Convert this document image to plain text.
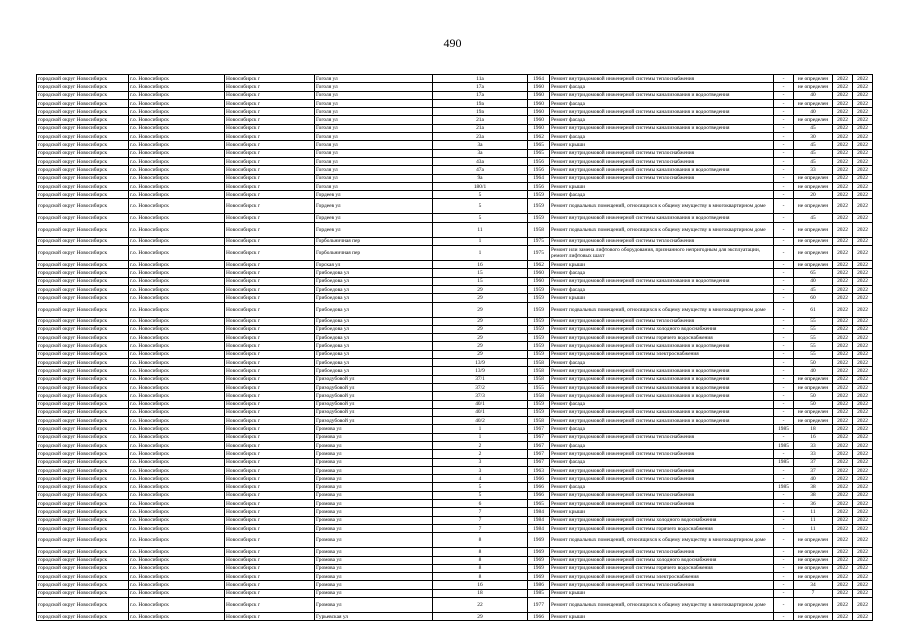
490
городской округ Новосибирск	г.о. Новосибирск	Новосибирск г	Гоголя ул	11а	1964	Ремонт внутридомовой инженерной системы теплоснабжения	-	не определен	2022	2022
городской округ Новосибирск	г.о. Новосибирск	Новосибирск г	Гоголя ул	17а	1960	Ремонт фасада	-	не определен	2022	2022
городской округ Новосибирск	г.о. Новосибирск	Новосибирск г	Гоголя ул	17а	1960	Ремонт внутридомовой инженерной системы канализования и водоотведения	-	40	2022	2022
городской округ Новосибирск	г.о. Новосибирск	Новосибирск г	Гоголя ул	19а	1960	Ремонт фасада	-	не определен	2022	2022
городской округ Новосибирск	г.о. Новосибирск	Новосибирск г	Гоголя ул	19а	1960	Ремонт внутридомовой инженерной системы канализования и водоотведения	-	40	2022	2022
городской округ Новосибирск	г.о. Новосибирск	Новосибирск г	Гоголя ул	21а	1960	Ремонт фасада	-	не определен	2022	2022
городской округ Новосибирск	г.о. Новосибирск	Новосибирск г	Гоголя ул	21а	1960	Ремонт внутридомовой инженерной системы канализования и водоотведения	-	45	2022	2022
городской округ Новосибирск	г.о. Новосибирск	Новосибирск г	Гоголя ул	23а	1962	Ремонт фасада	-	30	2022	2022
городской округ Новосибирск	г.о. Новосибирск	Новосибирск г	Гоголя ул	3а	1965	Ремонт крыши	-	45	2022	2022
городской округ Новосибирск	г.о. Новосибирск	Новосибирск г	Гоголя ул	3а	1965	Ремонт внутридомовой инженерной системы теплоснабжения	-	45	2022	2022
городской округ Новосибирск	г.о. Новосибирск	Новосибирск г	Гоголя ул	43а	1956	Ремонт внутридомовой инженерной системы теплоснабжения	-	45	2022	2022
городской округ Новосибирск	г.о. Новосибирск	Новосибирск г	Гоголя ул	47а	1956	Ремонт внутридомовой инженерной системы канализования и водоотведения	-	33	2022	2022
городской округ Новосибирск	г.о. Новосибирск	Новосибирск г	Гоголя ул	9а	1964	Ремонт внутридомовой инженерной системы теплоснабжения	-	не определен	2022	2022
городской округ Новосибирск	г.о. Новосибирск	Новосибирск г	Гоголя ул	180/1	1956	Ремонт крыши	-	не определен	2022	2022
городской округ Новосибирск	г.о. Новосибирск	Новосибирск г	Гордеев ул	5	1959	Ремонт фасада	-	20	2022	2022
городской округ Новосибирск	г.о. Новосибирск	Новосибирск г	Гордеев ул	5	1959	Ремонт подвальных помещений, относящихся к общему имуществу в многоквартирном доме	-	не определен	2022	2022
городской округ Новосибирск	г.о. Новосибирск	Новосибирск г	Гордеев ул	5	1959	Ремонт внутридомовой инженерной системы канализования и водоотведения	-	45	2022	2022
городской округ Новосибирск	г.о. Новосибирск	Новосибирск г	Гордеев ул	11	1958	Ремонт подвальных помещений, относящихся к общему имуществу в многоквартирном доме	-	не определен	2022	2022
городской округ Новосибирск	г.о. Новосибирск	Новосибирск г	Горбольничная пер	1	1975	Ремонт внутридомовой инженерной системы теплоснабжения	-	не определен	2022	2022
городской округ Новосибирск	г.о. Новосибирск	Новосибирск г	Горбольничная пер	1	1975	Ремонт или замена лифтового оборудования, признанного непригодным для эксплуатации, ремонт лифтовых шахт	-	не определен	2022	2022
городской округ Новосибирск	г.о. Новосибирск	Новосибирск г	Горская ул	16	1962	Ремонт крыши	-	не определен	2022	2022
городской округ Новосибирск	г.о. Новосибирск	Новосибирск г	Грибоедова ул	15	1960	Ремонт фасада	-	65	2022	2022
городской округ Новосибирск	г.о. Новосибирск	Новосибирск г	Грибоедова ул	15	1960	Ремонт внутридомовой инженерной системы канализования и водоотведения	-	40	2022	2022
городской округ Новосибирск	г.о. Новосибирск	Новосибирск г	Грибоедова ул	29	1959	Ремонт фасада	-	45	2022	2022
городской округ Новосибирск	г.о. Новосибирск	Новосибирск г	Грибоедова ул	29	1959	Ремонт крыши	-	60	2022	2022
городской округ Новосибирск	г.о. Новосибирск	Новосибирск г	Грибоедова ул	29	1959	Ремонт подвальных помещений, относящихся к общему имуществу в многоквартирном доме	-	61	2022	2022
городской округ Новосибирск	г.о. Новосибирск	Новосибирск г	Грибоедова ул	29	1959	Ремонт внутридомовой инженерной системы теплоснабжения	-	55	2022	2022
городской округ Новосибирск	г.о. Новосибирск	Новосибирск г	Грибоедова ул	29	1959	Ремонт внутридомовой инженерной системы холодного водоснабжения	-	55	2022	2022
городской округ Новосибирск	г.о. Новосибирск	Новосибирск г	Грибоедова ул	29	1959	Ремонт внутридомовой инженерной системы горячего водоснабжения	-	55	2022	2022
городской округ Новосибирск	г.о. Новосибирск	Новосибирск г	Грибоедова ул	29	1959	Ремонт внутридомовой инженерной системы канализования и водоотведения	-	55	2022	2022
городской округ Новосибирск	г.о. Новосибирск	Новосибирск г	Грибоедова ул	29	1959	Ремонт внутридомовой инженерной системы электроснабжения	-	55	2022	2022
городской округ Новосибирск	г.о. Новосибирск	Новосибирск г	Грибоедова ул	13/9	1958	Ремонт фасада	-	50	2022	2022
городской округ Новосибирск	г.о. Новосибирск	Новосибирск г	Грибоедова ул	13/9	1958	Ремонт внутридомовой инженерной системы канализования и водоотведения	-	40	2022	2022
городской округ Новосибирск	г.о. Новосибирск	Новосибирск г	Гризодубовой ул	37/1	1958	Ремонт внутридомовой инженерной системы канализования и водоотведения	-	не определен	2022	2022
городской округ Новосибирск	г.о. Новосибирск	Новосибирск г	Гризодубовой ул	37/2	1955	Ремонт внутридомовой инженерной системы канализования и водоотведения	-	не определен	2022	2022
городской округ Новосибирск	г.о. Новосибирск	Новосибирск г	Гризодубовой ул	37/3	1958	Ремонт внутридомовой инженерной системы канализования и водоотведения	-	50	2022	2022
городской округ Новосибирск	г.о. Новосибирск	Новосибирск г	Гризодубовой ул	40/1	1959	Ремонт фасада	-	50	2022	2022
городской округ Новосибирск	г.о. Новосибирск	Новосибирск г	Гризодубовой ул	40/1	1959	Ремонт внутридомовой инженерной системы канализования и водоотведения	-	не определен	2022	2022
городской округ Новосибирск	г.о. Новосибирск	Новосибирск г	Гризодубовой ул	40/2	1958	Ремонт внутридомовой инженерной системы канализования и водоотведения	-	не определен	2022	2022
городской округ Новосибирск	г.о. Новосибирск	Новосибирск г	Громова ул	1	1967	Ремонт фасада	1985	18	2022	2022
городской округ Новосибирск	г.о. Новосибирск	Новосибирск г	Громова ул	1	1967	Ремонт внутридомовой инженерной системы теплоснабжения	-	16	2022	2022
городской округ Новосибирск	г.о. Новосибирск	Новосибирск г	Громова ул	2	1967	Ремонт фасада	1985	33	2022	2022
городской округ Новосибирск	г.о. Новосибирск	Новосибирск г	Громова ул	2	1967	Ремонт внутридомовой инженерной системы теплоснабжения	-	33	2022	2022
городской округ Новосибирск	г.о. Новосибирск	Новосибирск г	Громова ул	3	1967	Ремонт фасада	1985	37	2022	2022
городской округ Новосибирск	г.о. Новосибирск	Новосибирск г	Громова ул	3	1963	Ремонт внутридомовой инженерной системы теплоснабжения	-	37	2022	2022
городской округ Новосибирск	г.о. Новосибирск	Новосибирск г	Громова ул	4	1966	Ремонт внутридомовой инженерной системы теплоснабжения	-	40	2022	2022
городской округ Новосибирск	г.о. Новосибирск	Новосибирск г	Громова ул	5	1966	Ремонт фасада	1985	38	2022	2022
городской округ Новосибирск	г.о. Новосибирск	Новосибирск г	Громова ул	5	1966	Ремонт внутридомовой инженерной системы теплоснабжения	-	38	2022	2022
городской округ Новосибирск	г.о. Новосибирск	Новосибирск г	Громова ул	6	1965	Ремонт внутридомовой инженерной системы теплоснабжения	-	36	2022	2022
городской округ Новосибирск	г.о. Новосибирск	Новосибирск г	Громова ул	7	1984	Ремонт крыши	-	11	2022	2022
городской округ Новосибирск	г.о. Новосибирск	Новосибирск г	Громова ул	7	1984	Ремонт внутридомовой инженерной системы холодного водоснабжения	-	11	2022	2022
городской округ Новосибирск	г.о. Новосибирск	Новосибирск г	Громова ул	7	1984	Ремонт внутридомовой инженерной системы горячего водоснабжения	-	11	2022	2022
городской округ Новосибирск	г.о. Новосибирск	Новосибирск г	Громова ул	8	1969	Ремонт подвальных помещений, относящихся к общему имуществу в многоквартирном доме	-	не определен	2022	2022
городской округ Новосибирск	г.о. Новосибирск	Новосибирск г	Громова ул	8	1969	Ремонт внутридомовой инженерной системы теплоснабжения	-	не определен	2022	2022
городской округ Новосибирск	г.о. Новосибирск	Новосибирск г	Громова ул	8	1969	Ремонт внутридомовой инженерной системы холодного водоснабжения	-	не определен	2022	2022
городской округ Новосибирск	г.о. Новосибирск	Новосибирск г	Громова ул	8	1969	Ремонт внутридомовой инженерной системы горячего водоснабжения	-	не определен	2022	2022
городской округ Новосибирск	г.о. Новосибирск	Новосибирск г	Громова ул	8	1969	Ремонт внутридомовой инженерной системы электроснабжения	-	не определен	2022	2022
городской округ Новосибирск	г.о. Новосибирск	Новосибирск г	Громова ул	16	1986	Ремонт внутридомовой инженерной системы теплоснабжения	-	34	2022	2022
городской округ Новосибирск	г.о. Новосибирск	Новосибирск г	Громова ул	18	1985	Ремонт крыши	-	7	2022	2022
городской округ Новосибирск	г.о. Новосибирск	Новосибирск г	Громова ул	22	1977	Ремонт подвальных помещений, относящихся к общему имуществу в многоквартирном доме	-	не определен	2022	2022
городской округ Новосибирск	г.о. Новосибирск	Новосибирск г	Гурьевская ул	29	1966	Ремонт крыши	-	не определен	2022	2022
